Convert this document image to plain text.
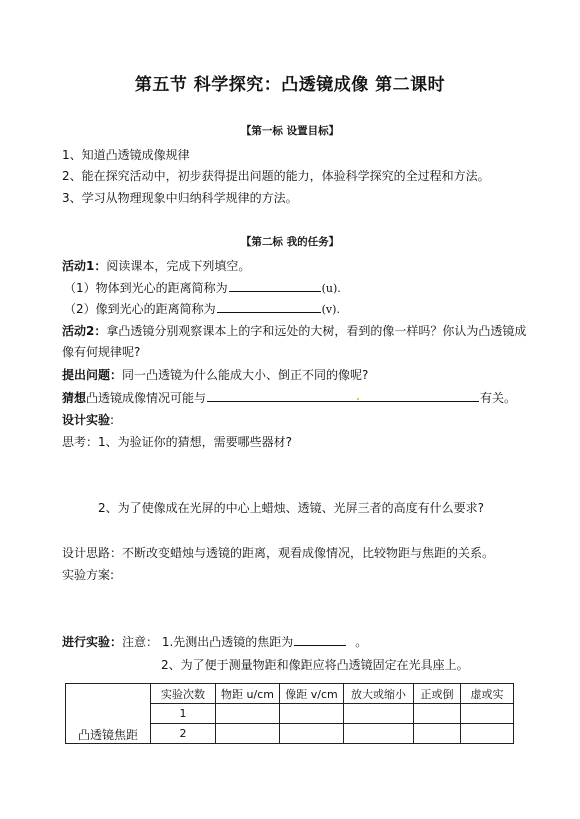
第五节 科学探究：凸透镜成像 第二课时
【第一标 设置目标】
1、知道凸透镜成像规律
2、能在探究活动中，初步获得提出问题的能力，体验科学探究的全过程和方法。
3、学习从物理现象中归纳科学规律的方法。
【第二标 我的任务】
活动1：阅读课本，完成下列填空。
（1）物体到光心的距离简称为	(u).
（2）像到光心的距离简称为	(v).
活动2：拿凸透镜分别观察课本上的字和远处的大树，看到的像一样吗？你认为凸透镜成
像有何规律呢?
提出问题：同一凸透镜为什么能成大小、倒正不同的像呢?
猜想凸透镜成像情况可能与	有关。
设计实验:
思考：1、为验证你的猜想，需要哪些器材?
2、为了使像成在光屏的中心上蜡烛、透镜、光屏三者的高度有什么要求?
设计思路：不断改变蜡烛与透镜的距离，观看成像情况，比较物距与焦距的关系。
实验方案:
进行实验：注意： 1.先测出凸透镜的焦距为	。
2、为了便于测量物距和像距应将凸透镜固定在光具座上。
凸透镜焦距	实验次数	物距 u/cm	像距 v/cm	放大或缩小	正或倒	虚或实
	1					
	2					
